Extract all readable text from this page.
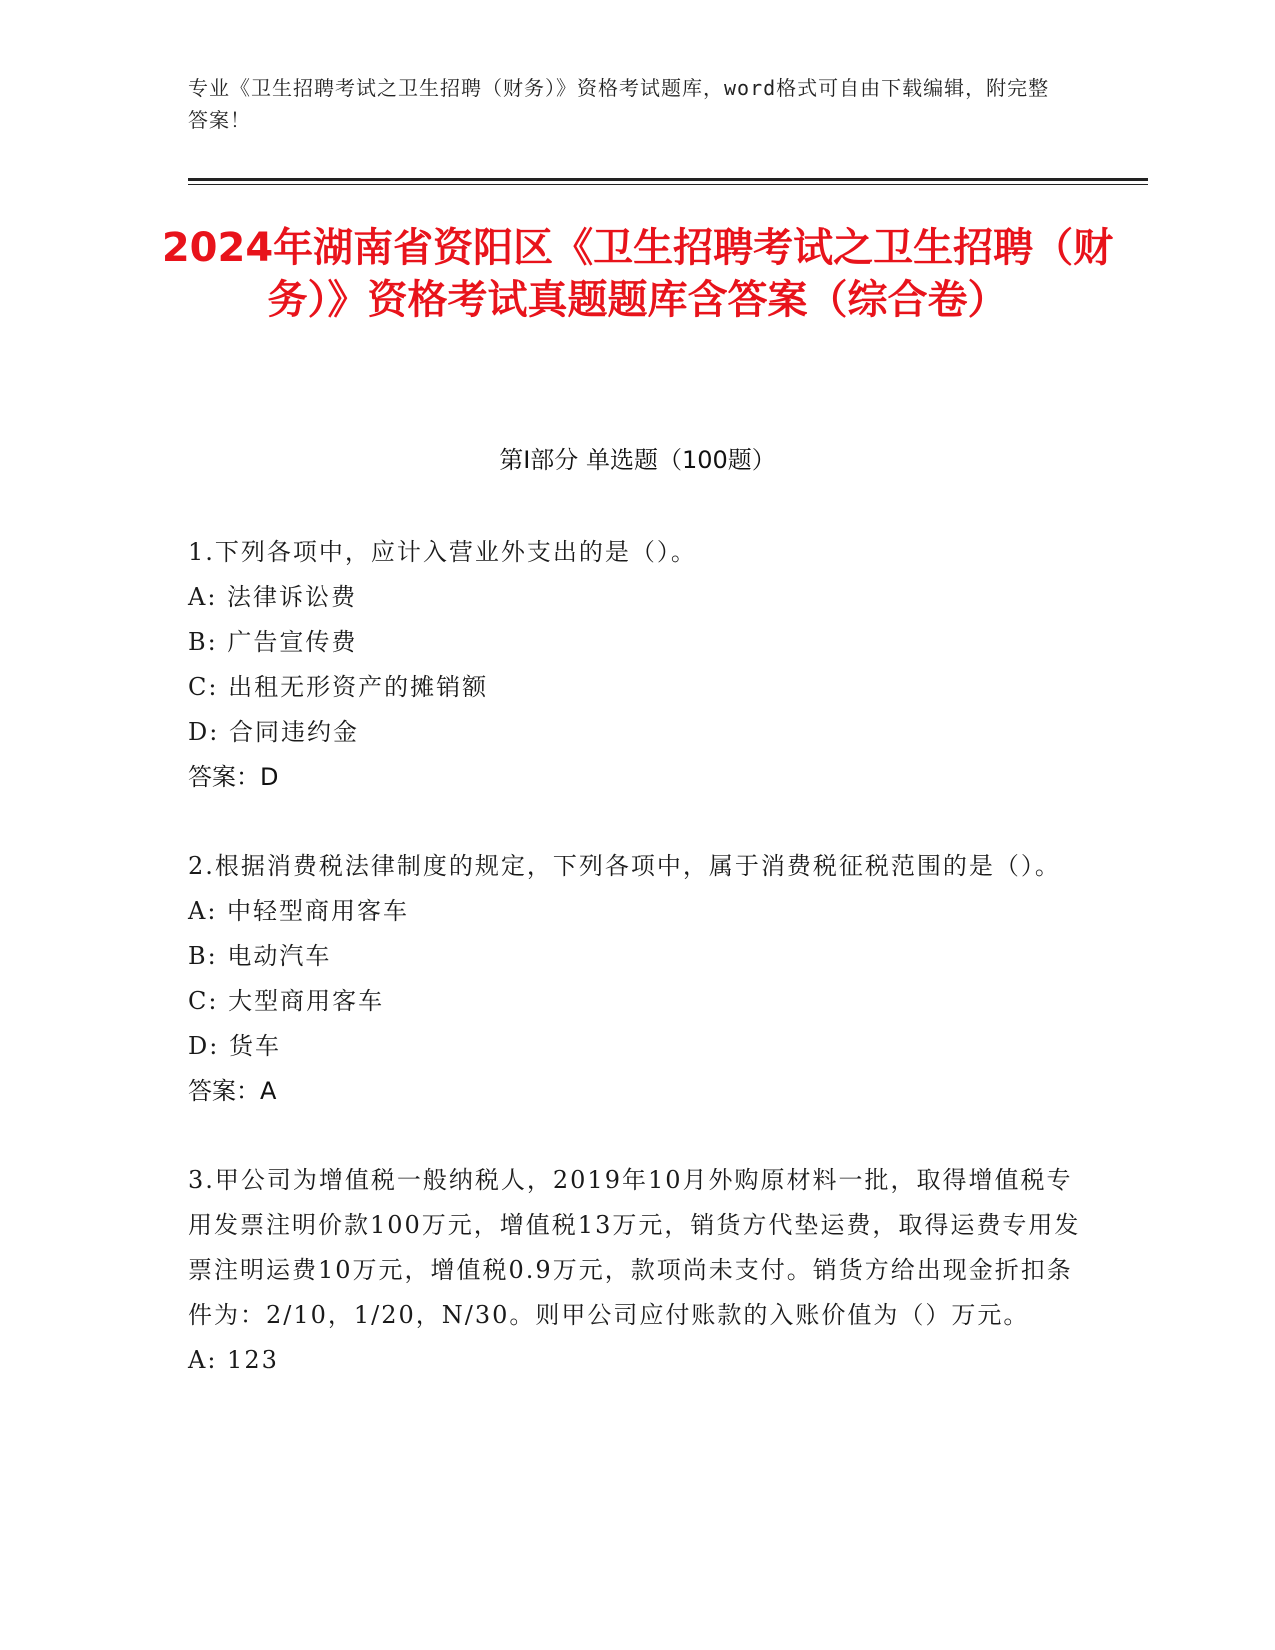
专业《卫生招聘考试之卫生招聘（财务）》资格考试题库，word格式可自由下载编辑，附完整答案！
2024年湖南省资阳区《卫生招聘考试之卫生招聘（财务）》资格考试真题题库含答案（综合卷）
第I部分 单选题（100题）
1.下列各项中，应计入营业外支出的是（）。
A: 法律诉讼费
B: 广告宣传费
C: 出租无形资产的摊销额
D: 合同违约金
答案：D
2.根据消费税法律制度的规定，下列各项中，属于消费税征税范围的是（）。
A: 中轻型商用客车
B: 电动汽车
C: 大型商用客车
D: 货车
答案：A
3.甲公司为增值税一般纳税人，2019年10月外购原材料一批，取得增值税专用发票注明价款100万元，增值税13万元，销货方代垫运费，取得运费专用发票注明运费10万元，增值税0.9万元，款项尚未支付。销货方给出现金折扣条件为：2/10，1/20，N/30。则甲公司应付账款的入账价值为（）万元。
A: 123
